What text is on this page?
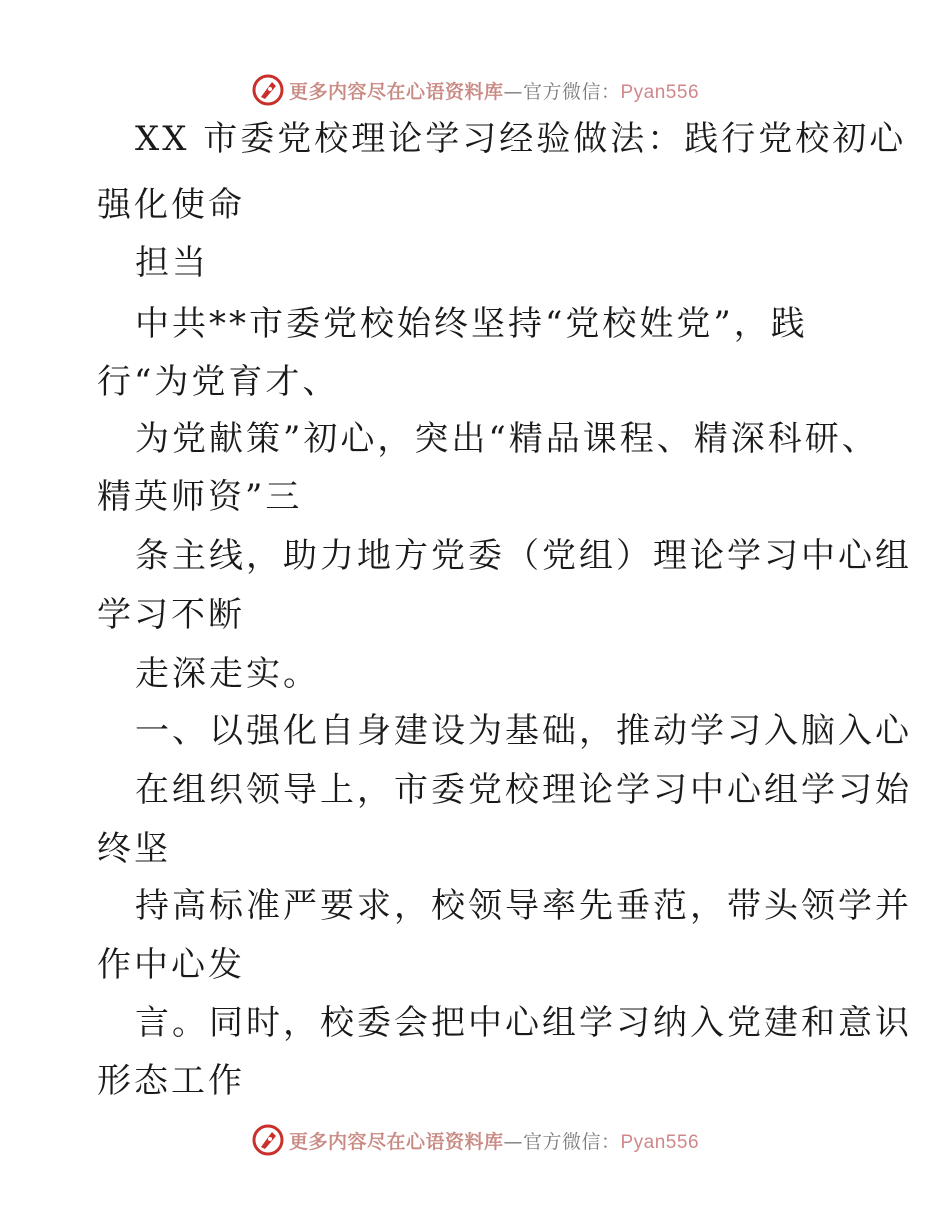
更多内容尽在心语资料库—官方微信：Pyan556
XX 市委党校理论学习经验做法：践行党校初心
强化使命
担当
中共**市委党校始终坚持“党校姓党”，践
行“为党育才、
为党献策”初心，突出“精品课程、精深科研、
精英师资”三
条主线，助力地方党委（党组）理论学习中心组
学习不断
走深走实。
一、以强化自身建设为基础，推动学习入脑入心
在组织领导上，市委党校理论学习中心组学习始
终坚
持高标准严要求，校领导率先垂范，带头领学并
作中心发
言。同时，校委会把中心组学习纳入党建和意识
形态工作
更多内容尽在心语资料库—官方微信：Pyan556
